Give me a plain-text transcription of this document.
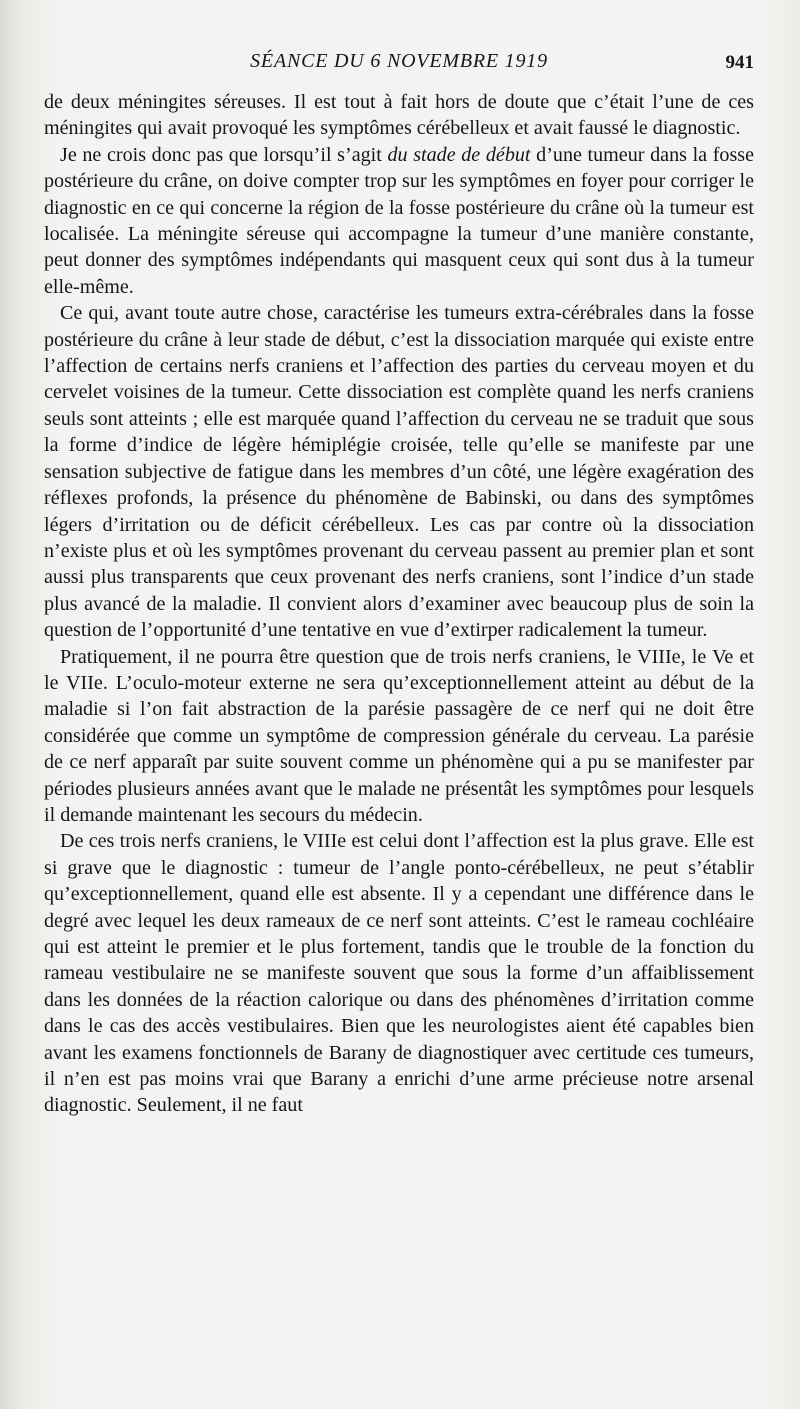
SÉANCE DU 6 NOVEMBRE 1919	941

de deux méningites séreuses. Il est tout à fait hors de doute que c’était l’une de ces méningites qui avait provoqué les symptômes cérébelleux et avait faussé le diagnostic.

Je ne crois donc pas que lorsqu’il s’agit du stade de début d’une tumeur dans la fosse postérieure du crâne, on doive compter trop sur les symptômes en foyer pour corriger le diagnostic en ce qui concerne la région de la fosse postérieure du crâne où la tumeur est localisée. La méningite séreuse qui accompagne la tumeur d’une manière constante, peut donner des symptômes indépendants qui masquent ceux qui sont dus à la tumeur elle-même.

Ce qui, avant toute autre chose, caractérise les tumeurs extra-cérébrales dans la fosse postérieure du crâne à leur stade de début, c’est la dissociation marquée qui existe entre l’affection de certains nerfs craniens et l’affection des parties du cerveau moyen et du cervelet voisines de la tumeur. Cette dissociation est complète quand les nerfs craniens seuls sont atteints ; elle est marquée quand l’affection du cerveau ne se traduit que sous la forme d’indice de légère hémiplégie croisée, telle qu’elle se manifeste par une sensation subjective de fatigue dans les membres d’un côté, une légère exagération des réflexes profonds, la présence du phénomène de Babinski, ou dans des symptômes légers d’irritation ou de déficit cérébelleux. Les cas par contre où la dissociation n’existe plus et où les symptômes provenant du cerveau passent au premier plan et sont aussi plus transparents que ceux provenant des nerfs craniens, sont l’indice d’un stade plus avancé de la maladie. Il convient alors d’examiner avec beaucoup plus de soin la question de l’opportunité d’une tentative en vue d’extirper radicalement la tumeur.

Pratiquement, il ne pourra être question que de trois nerfs craniens, le VIIIe, le Ve et le VIIe. L’oculo-moteur externe ne sera qu’exceptionnellement atteint au début de la maladie si l’on fait abstraction de la parésie passagère de ce nerf qui ne doit être considérée que comme un symptôme de compression générale du cerveau. La parésie de ce nerf apparaît par suite souvent comme un phénomène qui a pu se manifester par périodes plusieurs années avant que le malade ne présentât les symptômes pour lesquels il demande maintenant les secours du médecin.

De ces trois nerfs craniens, le VIIIe est celui dont l’affection est la plus grave. Elle est si grave que le diagnostic : tumeur de l’angle ponto-cérébelleux, ne peut s’établir qu’exceptionnellement, quand elle est absente. Il y a cependant une différence dans le degré avec lequel les deux rameaux de ce nerf sont atteints. C’est le rameau cochléaire qui est atteint le premier et le plus fortement, tandis que le trouble de la fonction du rameau vestibulaire ne se manifeste souvent que sous la forme d’un affaiblissement dans les données de la réaction calorique ou dans des phénomènes d’irritation comme dans le cas des accès vestibulaires. Bien que les neurologistes aient été capables bien avant les examens fonctionnels de Barany de diagnostiquer avec certitude ces tumeurs, il n’en est pas moins vrai que Barany a enrichi d’une arme précieuse notre arsenal diagnostic. Seulement, il ne faut
